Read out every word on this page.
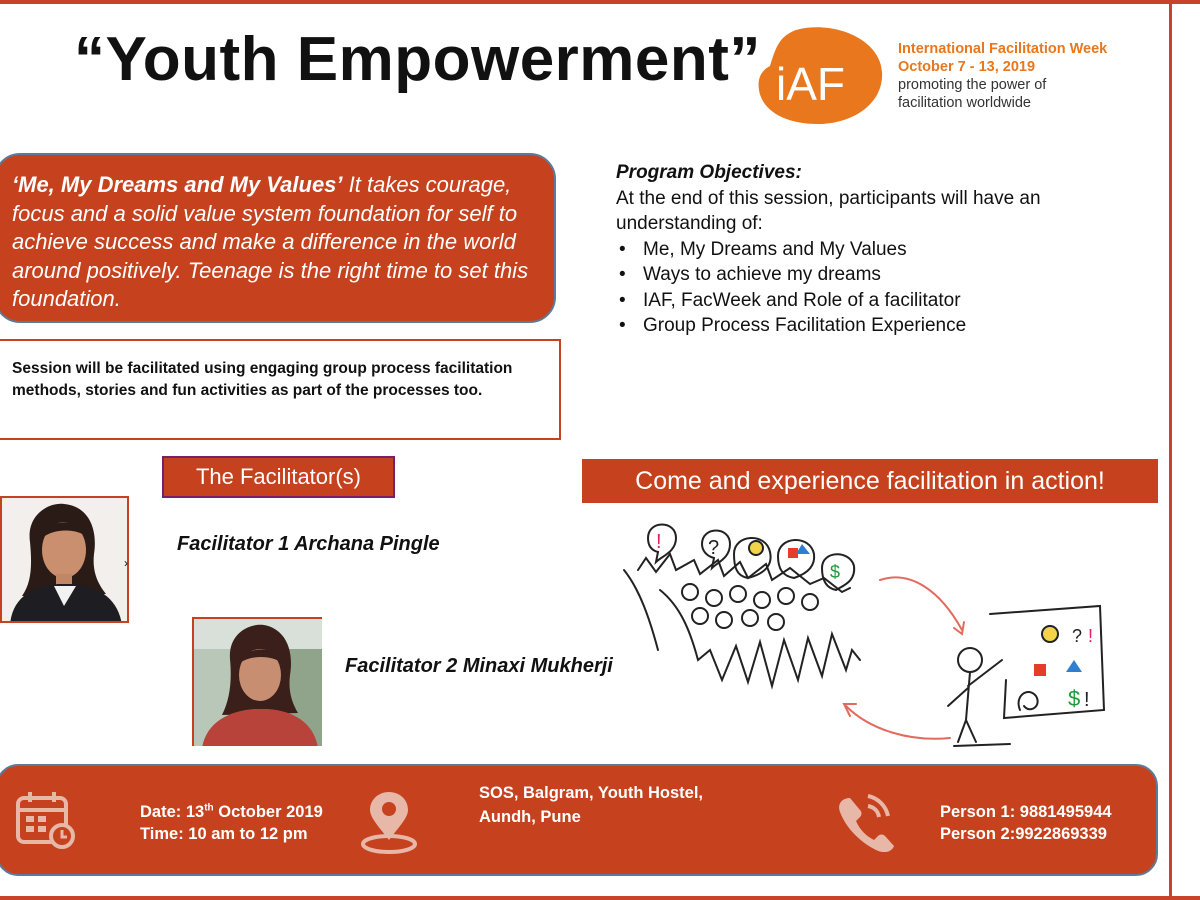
“Youth Empowerment” iAF
International Facilitation Week
October 7 - 13, 2019
promoting the power of
facilitation worldwide
‘Me, My Dreams and My Values’ It takes courage, focus and a solid value system foundation for self to achieve success and make a difference in the world around positively. Teenage is the right time to set this foundation.
Session will be facilitated using engaging group process facilitation methods, stories and fun activities as part of the processes too.
Program Objectives:
At the end of this session, participants will have an understanding of:
• Me, My Dreams and My Values
• Ways to achieve my dreams
• IAF, FacWeek and Role of a facilitator
• Group Process Facilitation Experience
The Facilitator(s)
›
Facilitator 1 Archana Pingle
Facilitator 2 Minaxi Mukherji
Come and experience facilitation in action!
! ?
$
? !
$ !
Date: 13th October 2019
Time: 10 am to 12 pm
SOS, Balgram, Youth Hostel,
Aundh, Pune	Person 1: 9881495944
Person 2:9922869339
